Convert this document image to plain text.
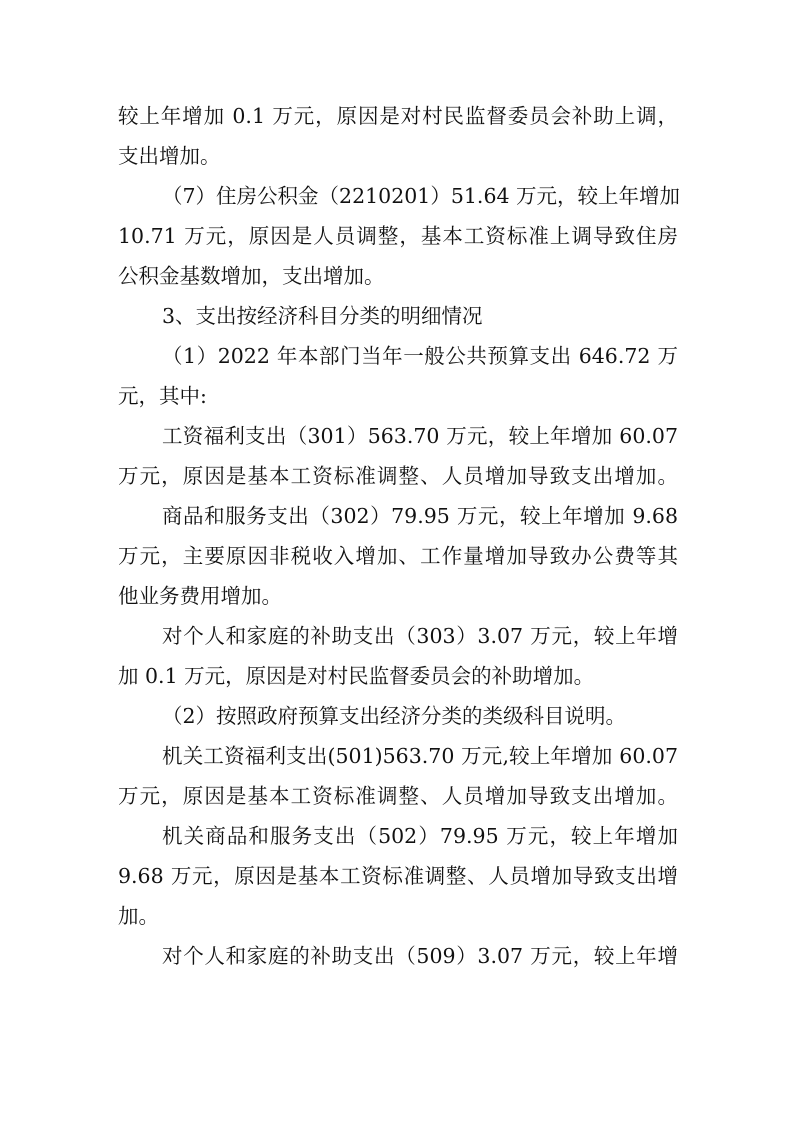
较上年增加 0.1 万元，原因是对村民监督委员会补助上调，
支出增加。
（7）住房公积金（2210201）51.64 万元，较上年增加
10.71 万元，原因是人员调整，基本工资标准上调导致住房
公积金基数增加，支出增加。
3、支出按经济科目分类的明细情况
（1）2022 年本部门当年一般公共预算支出 646.72 万
元，其中:
工资福利支出（301）563.70 万元，较上年增加 60.07
万元，原因是基本工资标准调整、人员增加导致支出增加。
商品和服务支出（302）79.95 万元，较上年增加 9.68
万元，主要原因非税收入增加、工作量增加导致办公费等其
他业务费用增加。
对个人和家庭的补助支出（303）3.07 万元，较上年增
加 0.1 万元，原因是对村民监督委员会的补助增加。
（2）按照政府预算支出经济分类的类级科目说明。
机关工资福利支出(501)563.70 万元,较上年增加 60.07
万元，原因是基本工资标准调整、人员增加导致支出增加。
机关商品和服务支出（502）79.95 万元，较上年增加
9.68 万元，原因是基本工资标准调整、人员增加导致支出增
加。
对个人和家庭的补助支出（509）3.07 万元，较上年增
